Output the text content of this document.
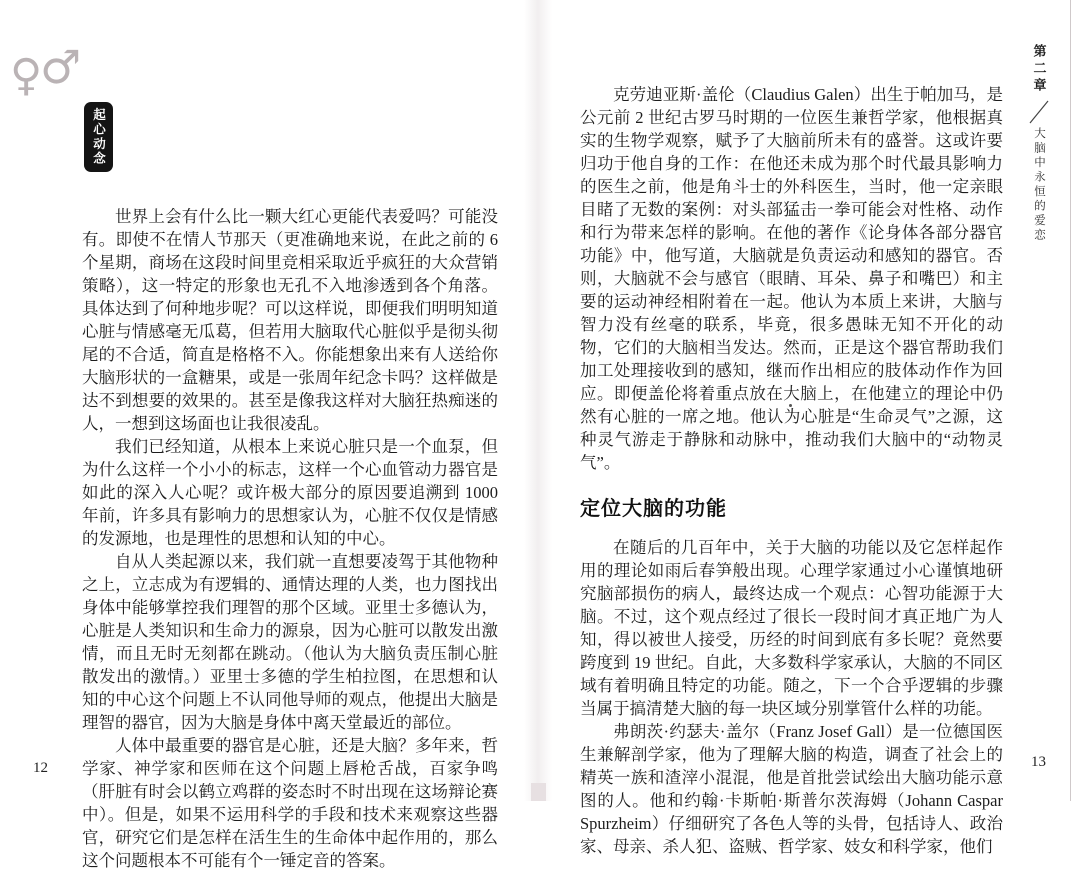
♀
♂
起心动念

世界上会有什么比一颗大红心更能代表爱吗？可能没有。即使不在情人节那天（更准确地来说，在此之前的 6 个星期，商场在这段时间里竞相采取近乎疯狂的大众营销策略），这一特定的形象也无孔不入地渗透到各个角落。具体达到了何种地步呢？可以这样说，即便我们明明知道心脏与情感毫无瓜葛，但若用大脑取代心脏似乎是彻头彻尾的不合适，简直是格格不入。你能想象出来有人送给你大脑形状的一盒糖果，或是一张周年纪念卡吗？这样做是达不到想要的效果的。甚至是像我这样对大脑狂热痴迷的人，一想到这场面也让我很凌乱。

我们已经知道，从根本上来说心脏只是一个血泵，但为什么这样一个小小的标志，这样一个心血管动力器官是如此的深入人心呢？或许极大部分的原因要追溯到 1000 年前，许多具有影响力的思想家认为，心脏不仅仅是情感的发源地，也是理性的思想和认知的中心。

自从人类起源以来，我们就一直想要凌驾于其他物种之上，立志成为有逻辑的、通情达理的人类，也力图找出身体中能够掌控我们理智的那个区域。亚里士多德认为，心脏是人类知识和生命力的源泉，因为心脏可以散发出激情，而且无时无刻都在跳动。（他认为大脑负责压制心脏散发出的激情。）亚里士多德的学生柏拉图，在思想和认知的中心这个问题上不认同他导师的观点，他提出大脑是理智的器官，因为大脑是身体中离天堂最近的部位。

人体中最重要的器官是心脏，还是大脑？多年来，哲学家、神学家和医师在这个问题上唇枪舌战，百家争鸣（肝脏有时会以鹤立鸡群的姿态时不时出现在这场辩论赛中）。但是，如果不运用科学的手段和技术来观察这些器官，研究它们是怎样在活生生的生命体中起作用的，那么这个问题根本不可能有个一锤定音的答案。

12
第二章
大脑中永恒的爱恋

克劳迪亚斯·盖伦（Claudius Galen）出生于帕加马，是公元前 2 世纪古罗马时期的一位医生兼哲学家，他根据真实的生物学观察，赋予了大脑前所未有的盛誉。这或许要归功于他自身的工作：在他还未成为那个时代最具影响力的医生之前，他是角斗士的外科医生，当时，他一定亲眼目睹了无数的案例：对头部猛击一拳可能会对性格、动作和行为带来怎样的影响。在他的著作《论身体各部分器官功能》中，他写道，大脑就是负责运动和感知的器官。否则，大脑就不会与感官（眼睛、耳朵、鼻子和嘴巴）和主要的运动神经相附着在一起。他认为本质上来讲，大脑与智力没有丝毫的联系，毕竟，很多愚昧无知不开化的动物，它们的大脑相当发达。然而，正是这个器官帮助我们加工处理接收到的感知，继而作出相应的肢体动作作为回应。即便盖伦将着重点放在大脑上，在他建立的理论中仍然有心脏的一席之地。他认为心脏是“生命灵气”之源，这种灵气游走于静脉和动脉中，推动我们大脑中的“动物灵气”。

定位大脑的功能

在随后的几百年中，关于大脑的功能以及它怎样起作用的理论如雨后春笋般出现。心理学家通过小心谨慎地研究脑部损伤的病人，最终达成一个观点：心智功能源于大脑。不过，这个观点经过了很长一段时间才真正地广为人知，得以被世人接受，历经的时间到底有多长呢？竟然要跨度到 19 世纪。自此，大多数科学家承认，大脑的不同区域有着明确且特定的功能。随之，下一个合乎逻辑的步骤当属于搞清楚大脑的每一块区域分别掌管什么样的功能。

弗朗茨·约瑟夫·盖尔（Franz Josef Gall）是一位德国医生兼解剖学家，他为了理解大脑的构造，调查了社会上的精英一族和渣滓小混混，他是首批尝试绘出大脑功能示意图的人。他和约翰·卡斯帕·斯普尔茨海姆（Johann Caspar Spurzheim）仔细研究了各色人等的头骨，包括诗人、政治家、母亲、杀人犯、盗贼、哲学家、妓女和科学家，他们

13
